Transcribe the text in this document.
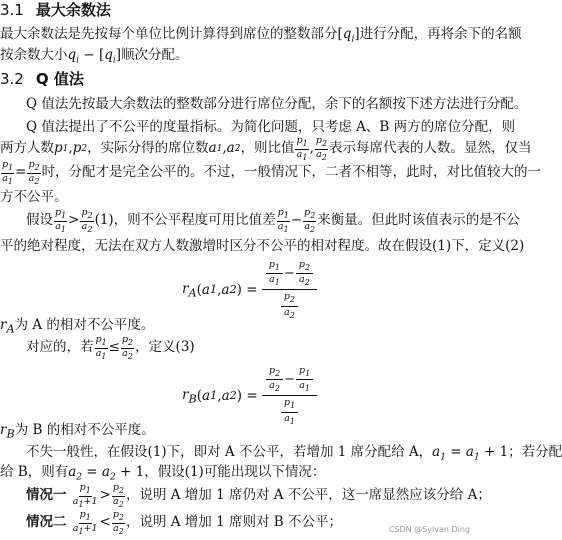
3.1 最大余数法
最大余数法是先按每个单位比例计算得到席位的整数部分$[q_i]$进行分配，再将余下的名额
按余数大小$q_i - [q_i]$顺次分配。
3.2 Q 值法
Q 值法先按最大余数法的整数部分进行席位分配，余下的名额按下述方法进行分配。
Q 值法提出了不公平的度量指标。为简化问题，只考虑 A、B 两方的席位分配，则
两方人数 p 1 , p 2 ，实际分得的席位数 a 1 , a 2 ，则比值 $\frac{p_1}{a_1}$ , $\frac{p_2}{a_2}$ 表示每席代表的人数。显然，仅当
$\frac{p_1}{a_1} = \frac{p_2}{a_2}$ 时，分配才是完全公平的。不过，一般情况下，二者不相等，此时，对比值较大的一
方不公平。
假设 $\frac{p_1}{a_1} > \frac{p_2}{a_2} (1)$，则不公平程度可用比值差 $\frac{p_1}{a_1} - \frac{p_2}{a_2}$ 来衡量。但此时该值表示的是不公
平的绝对程度，无法在双方人数激增时区分不公平的相对程度。故在假设(1)下，定义(2)
$r_A$ ( a 1 , a 2 ) =
$\frac{p_1}{a_1} - \frac{p_2}{a_2}$
$\frac{p_2}{a_2}$
$r_A$为 A 的相对不公平度。
对应的，若 $\frac{p_1}{a_1} \le \frac{p_2}{a_2}$ ，定义(3)
$r_B$ ( a 1 , a 2 ) =
$\frac{p_2}{a_2} - \frac{p_1}{a_1}$
$\frac{p_1}{a_1}$
$r_B$为 B 的相对不公平度。
不失一般性，在假设(1)下，即对 A 不公平，若增加 1 席分配给 A，$a_1 = a_1 + 1$；若分配
给 B，则有$a_2 = a_2 + 1$，假设(1)可能出现以下情况：
情况一
$\frac{p_1}{a_1+1} > \frac{p_2}{a_2}$ ，说明 A 增加 1 席仍对 A 不公平，这一席显然应该分给 A；
情况二
$\frac{p_1}{a_1+1} < \frac{p_2}{a_2}$ ，说明 A 增加 1 席则对 B 不公平；	CSDN @Sylvan Ding
